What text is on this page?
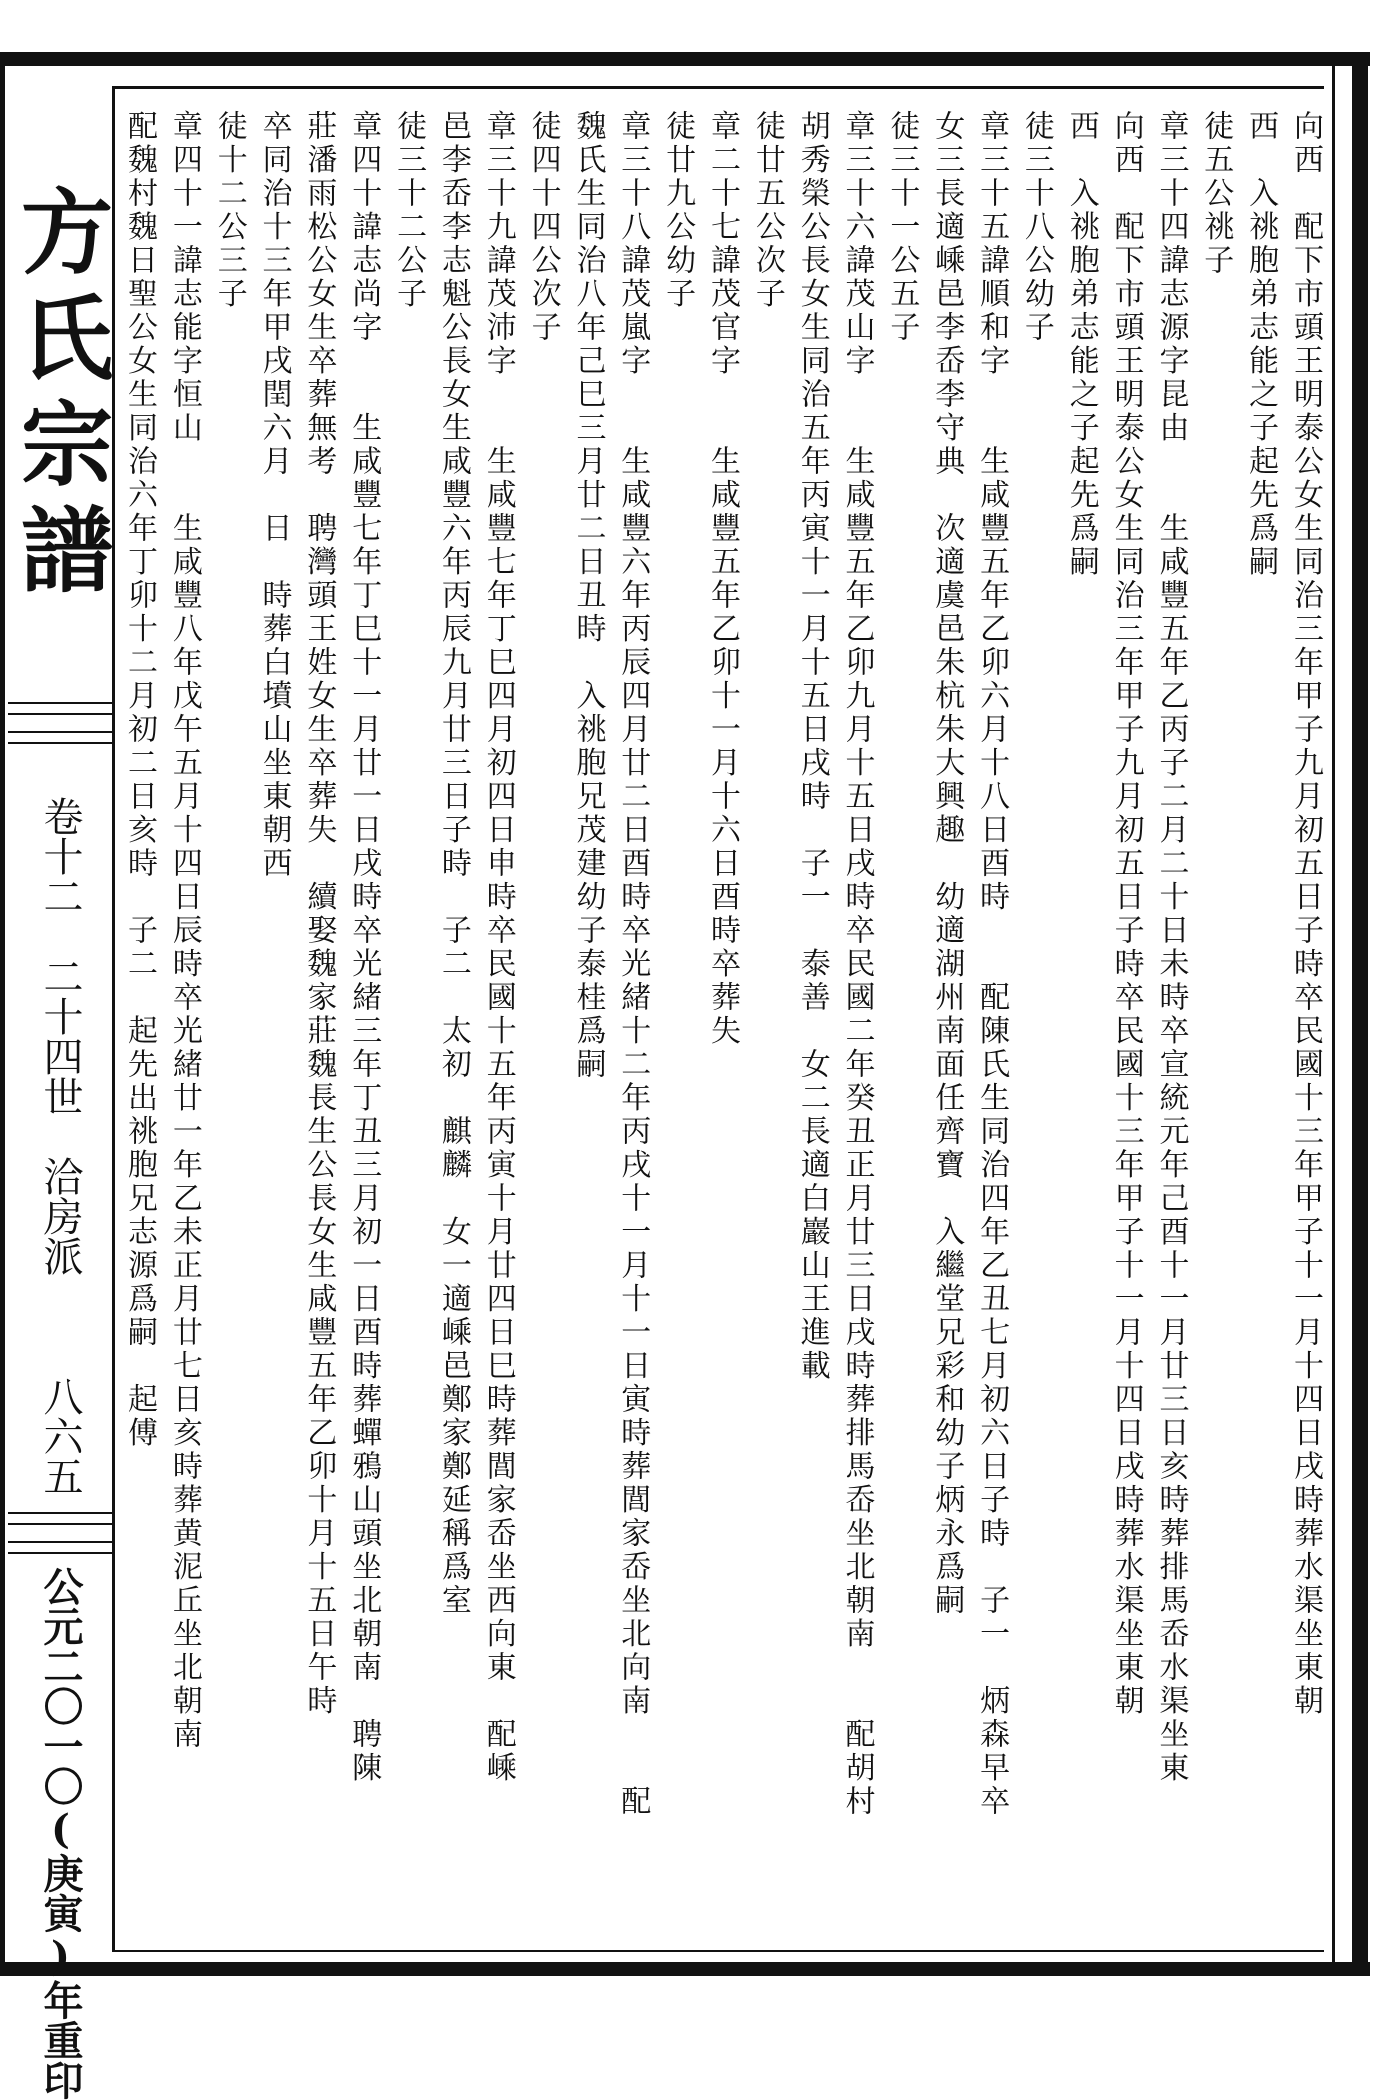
方氏宗譜
卷十二　二十四世　洽房派
八六五
公元二〇一〇(庚寅)年重印
向西　配下市頭王明泰公女生同治三年甲子九月初五日子時卒民國十三年甲子十一月十四日戌時葬水渠坐東朝
西　入祧胞弟志能之子起先爲嗣
徒五公祧子
章三十四諱志源字昆由　　生咸豐五年乙丙子二月二十日未時卒宣統元年己酉十一月廿三日亥時葬排馬岙水渠坐東
向西　配下市頭王明泰公女生同治三年甲子九月初五日子時卒民國十三年甲子十一月十四日戌時葬水渠坐東朝
西　入祧胞弟志能之子起先爲嗣
徒三十八公幼子
章三十五諱順和字　　生咸豐五年乙卯六月十八日酉時　　配陳氏生同治四年乙丑七月初六日子時　子一　炳森早卒
女三長適嵊邑李岙李守典　次適虞邑朱杭朱大興趣　幼適湖州南面任齊寶　入繼堂兄彩和幼子炳永爲嗣
徒三十一公五子
章三十六諱茂山字　　生咸豐五年乙卯九月十五日戌時卒民國二年癸丑正月廿三日戌時葬排馬岙坐北朝南　　配胡村
胡秀榮公長女生同治五年丙寅十一月十五日戌時　子一　泰善　女二長適白巖山王進載
徒廿五公次子
章二十七諱茂官字　　生咸豐五年乙卯十一月十六日酉時卒葬失
徒廿九公幼子
章三十八諱茂嵐字　　生咸豐六年丙辰四月廿二日酉時卒光緒十二年丙戌十一月十一日寅時葬閭家岙坐北向南　　配
魏氏生同治八年己巳三月廿二日丑時　入祧胞兄茂建幼子泰桂爲嗣
徒四十四公次子
章三十九諱茂沛字　　生咸豐七年丁巳四月初四日申時卒民國十五年丙寅十月廿四日巳時葬閭家岙坐西向東　配嵊
邑李岙李志魁公長女生咸豐六年丙辰九月廿三日子時　子二　太初　麒麟　女一適嵊邑鄭家鄭延稱爲室
徒三十二公子
章四十諱志尚字　　生咸豐七年丁巳十一月廿一日戌時卒光緒三年丁丑三月初一日酉時葬蟬鴉山頭坐北朝南　聘陳
莊潘雨松公女生卒葬無考　聘灣頭王姓女生卒葬失　續娶魏家莊魏長生公長女生咸豐五年乙卯十月十五日午時
卒同治十三年甲戌閏六月　日　時葬白墳山坐東朝西
徒十二公三子
章四十一諱志能字恒山　　生咸豐八年戊午五月十四日辰時卒光緒廿一年乙未正月廿七日亥時葬黄泥丘坐北朝南
配魏村魏日聖公女生同治六年丁卯十二月初二日亥時　子二　起先出祧胞兄志源爲嗣　起傅
